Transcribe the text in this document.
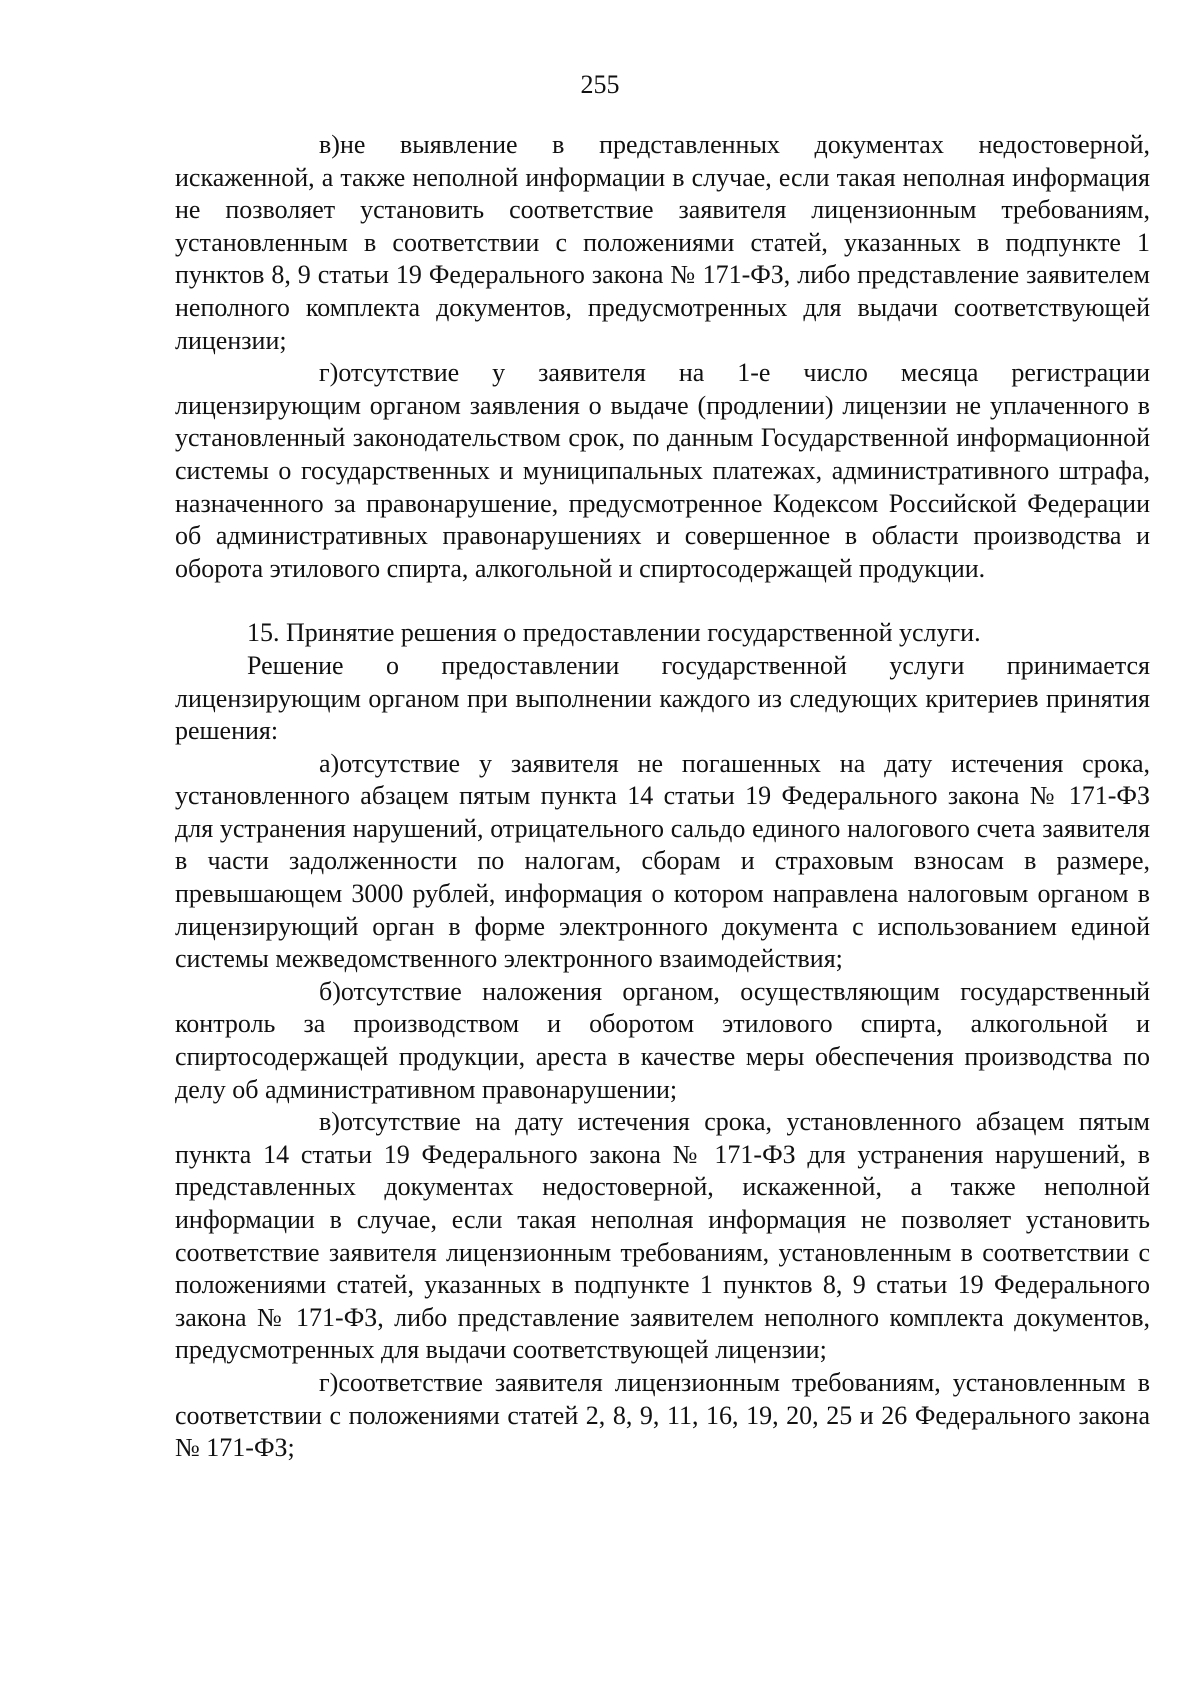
255

в)не выявление в представленных документах недостоверной, искаженной, а также неполной информации в случае, если такая неполная информация не позволяет установить соответствие заявителя лицензионным требованиям, установленным в соответствии с положениями статей, указанных в подпункте 1 пунктов 8, 9 статьи 19 Федерального закона № 171-ФЗ, либо представление заявителем неполного комплекта документов, предусмотренных для выдачи соответствующей лицензии;

г)отсутствие у заявителя на 1-е число месяца регистрации лицензирующим органом заявления о выдаче (продлении) лицензии не уплаченного в установленный законодательством срок, по данным Государственной информационной системы о государственных и муниципальных платежах, административного штрафа, назначенного за правонарушение, предусмотренное Кодексом Российской Федерации об административных правонарушениях и совершенное в области производства и оборота этилового спирта, алкогольной и спиртосодержащей продукции.

15. Принятие решения о предоставлении государственной услуги.

Решение о предоставлении государственной услуги принимается лицензирующим органом при выполнении каждого из следующих критериев принятия решения:

а)отсутствие у заявителя не погашенных на дату истечения срока, установленного абзацем пятым пункта 14 статьи 19 Федерального закона № 171-ФЗ для устранения нарушений, отрицательного сальдо единого налогового счета заявителя в части задолженности по налогам, сборам и страховым взносам в размере, превышающем 3000 рублей, информация о котором направлена налоговым органом в лицензирующий орган в форме электронного документа с использованием единой системы межведомственного электронного взаимодействия;

б)отсутствие наложения органом, осуществляющим государственный контроль за производством и оборотом этилового спирта, алкогольной и спиртосодержащей продукции, ареста в качестве меры обеспечения производства по делу об административном правонарушении;

в)отсутствие на дату истечения срока, установленного абзацем пятым пункта 14 статьи 19 Федерального закона № 171-ФЗ для устранения нарушений, в представленных документах недостоверной, искаженной, а также неполной информации в случае, если такая неполная информация не позволяет установить соответствие заявителя лицензионным требованиям, установленным в соответствии с положениями статей, указанных в подпункте 1 пунктов 8, 9 статьи 19 Федерального закона № 171-ФЗ, либо представление заявителем неполного комплекта документов, предусмотренных для выдачи соответствующей лицензии;

г)соответствие заявителя лицензионным требованиям, установленным в соответствии с положениями статей 2, 8, 9, 11, 16, 19, 20, 25 и 26 Федерального закона № 171-ФЗ;
